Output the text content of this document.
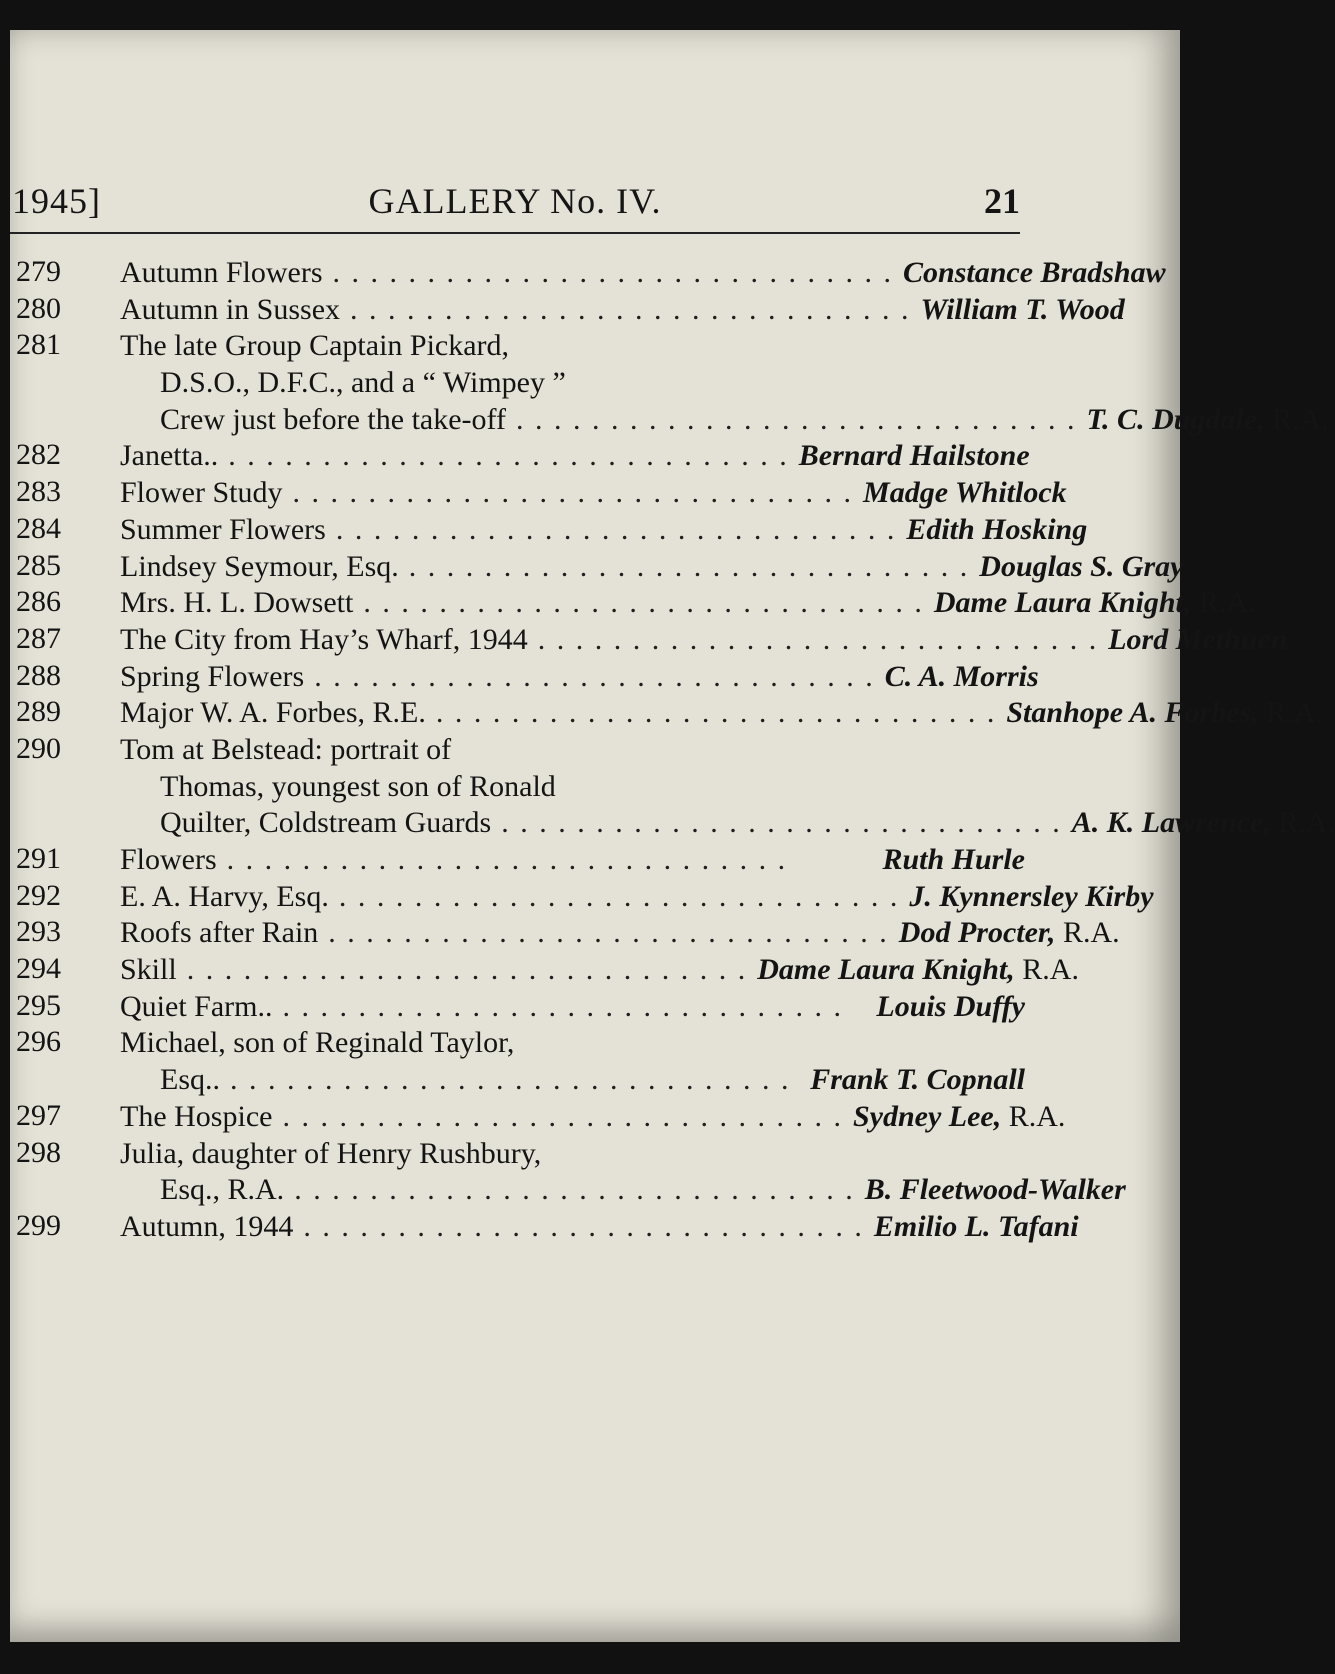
1945]	GALLERY No. IV.	21
279	Autumn Flowers . .	Constance Bradshaw
280	Autumn in Sussex . .	William T. Wood
281	The late Group Captain Pickard,
D.S.O., D.F.C., and a “ Wimpey ”
Crew just before the take-off . .	T. C. Dugdale, R.A.
282	Janetta.. . .	Bernard Hailstone
283	Flower Study . .	Madge Whitlock
284	Summer Flowers . .	Edith Hosking
285	Lindsey Seymour, Esq. . .	Douglas S. Gray
286	Mrs. H. L. Dowsett . .	Dame Laura Knight, R.A.
287	The City from Hay’s Wharf, 1944 . .	Lord Methuen
288	Spring Flowers . .	C. A. Morris
289	Major W. A. Forbes, R.E. . .	Stanhope A. Forbes, R.A.
290	Tom at Belstead: portrait of
Thomas, youngest son of Ronald
Quilter, Coldstream Guards . .	A. K. Lawrence, R.A.
291	Flowers . .	Ruth Hurle
292	E. A. Harvy, Esq. . .	J. Kynnersley Kirby
293	Roofs after Rain . .	Dod Procter, R.A.
294	Skill . .	Dame Laura Knight, R.A.
295	Quiet Farm.. . .	Louis Duffy
296	Michael, son of Reginald Taylor,
Esq.. . .	Frank T. Copnall
297	The Hospice . .	Sydney Lee, R.A.
298	Julia, daughter of Henry Rushbury,
Esq., R.A. . .	B. Fleetwood-Walker
299	Autumn, 1944 . .	Emilio L. Tafani
